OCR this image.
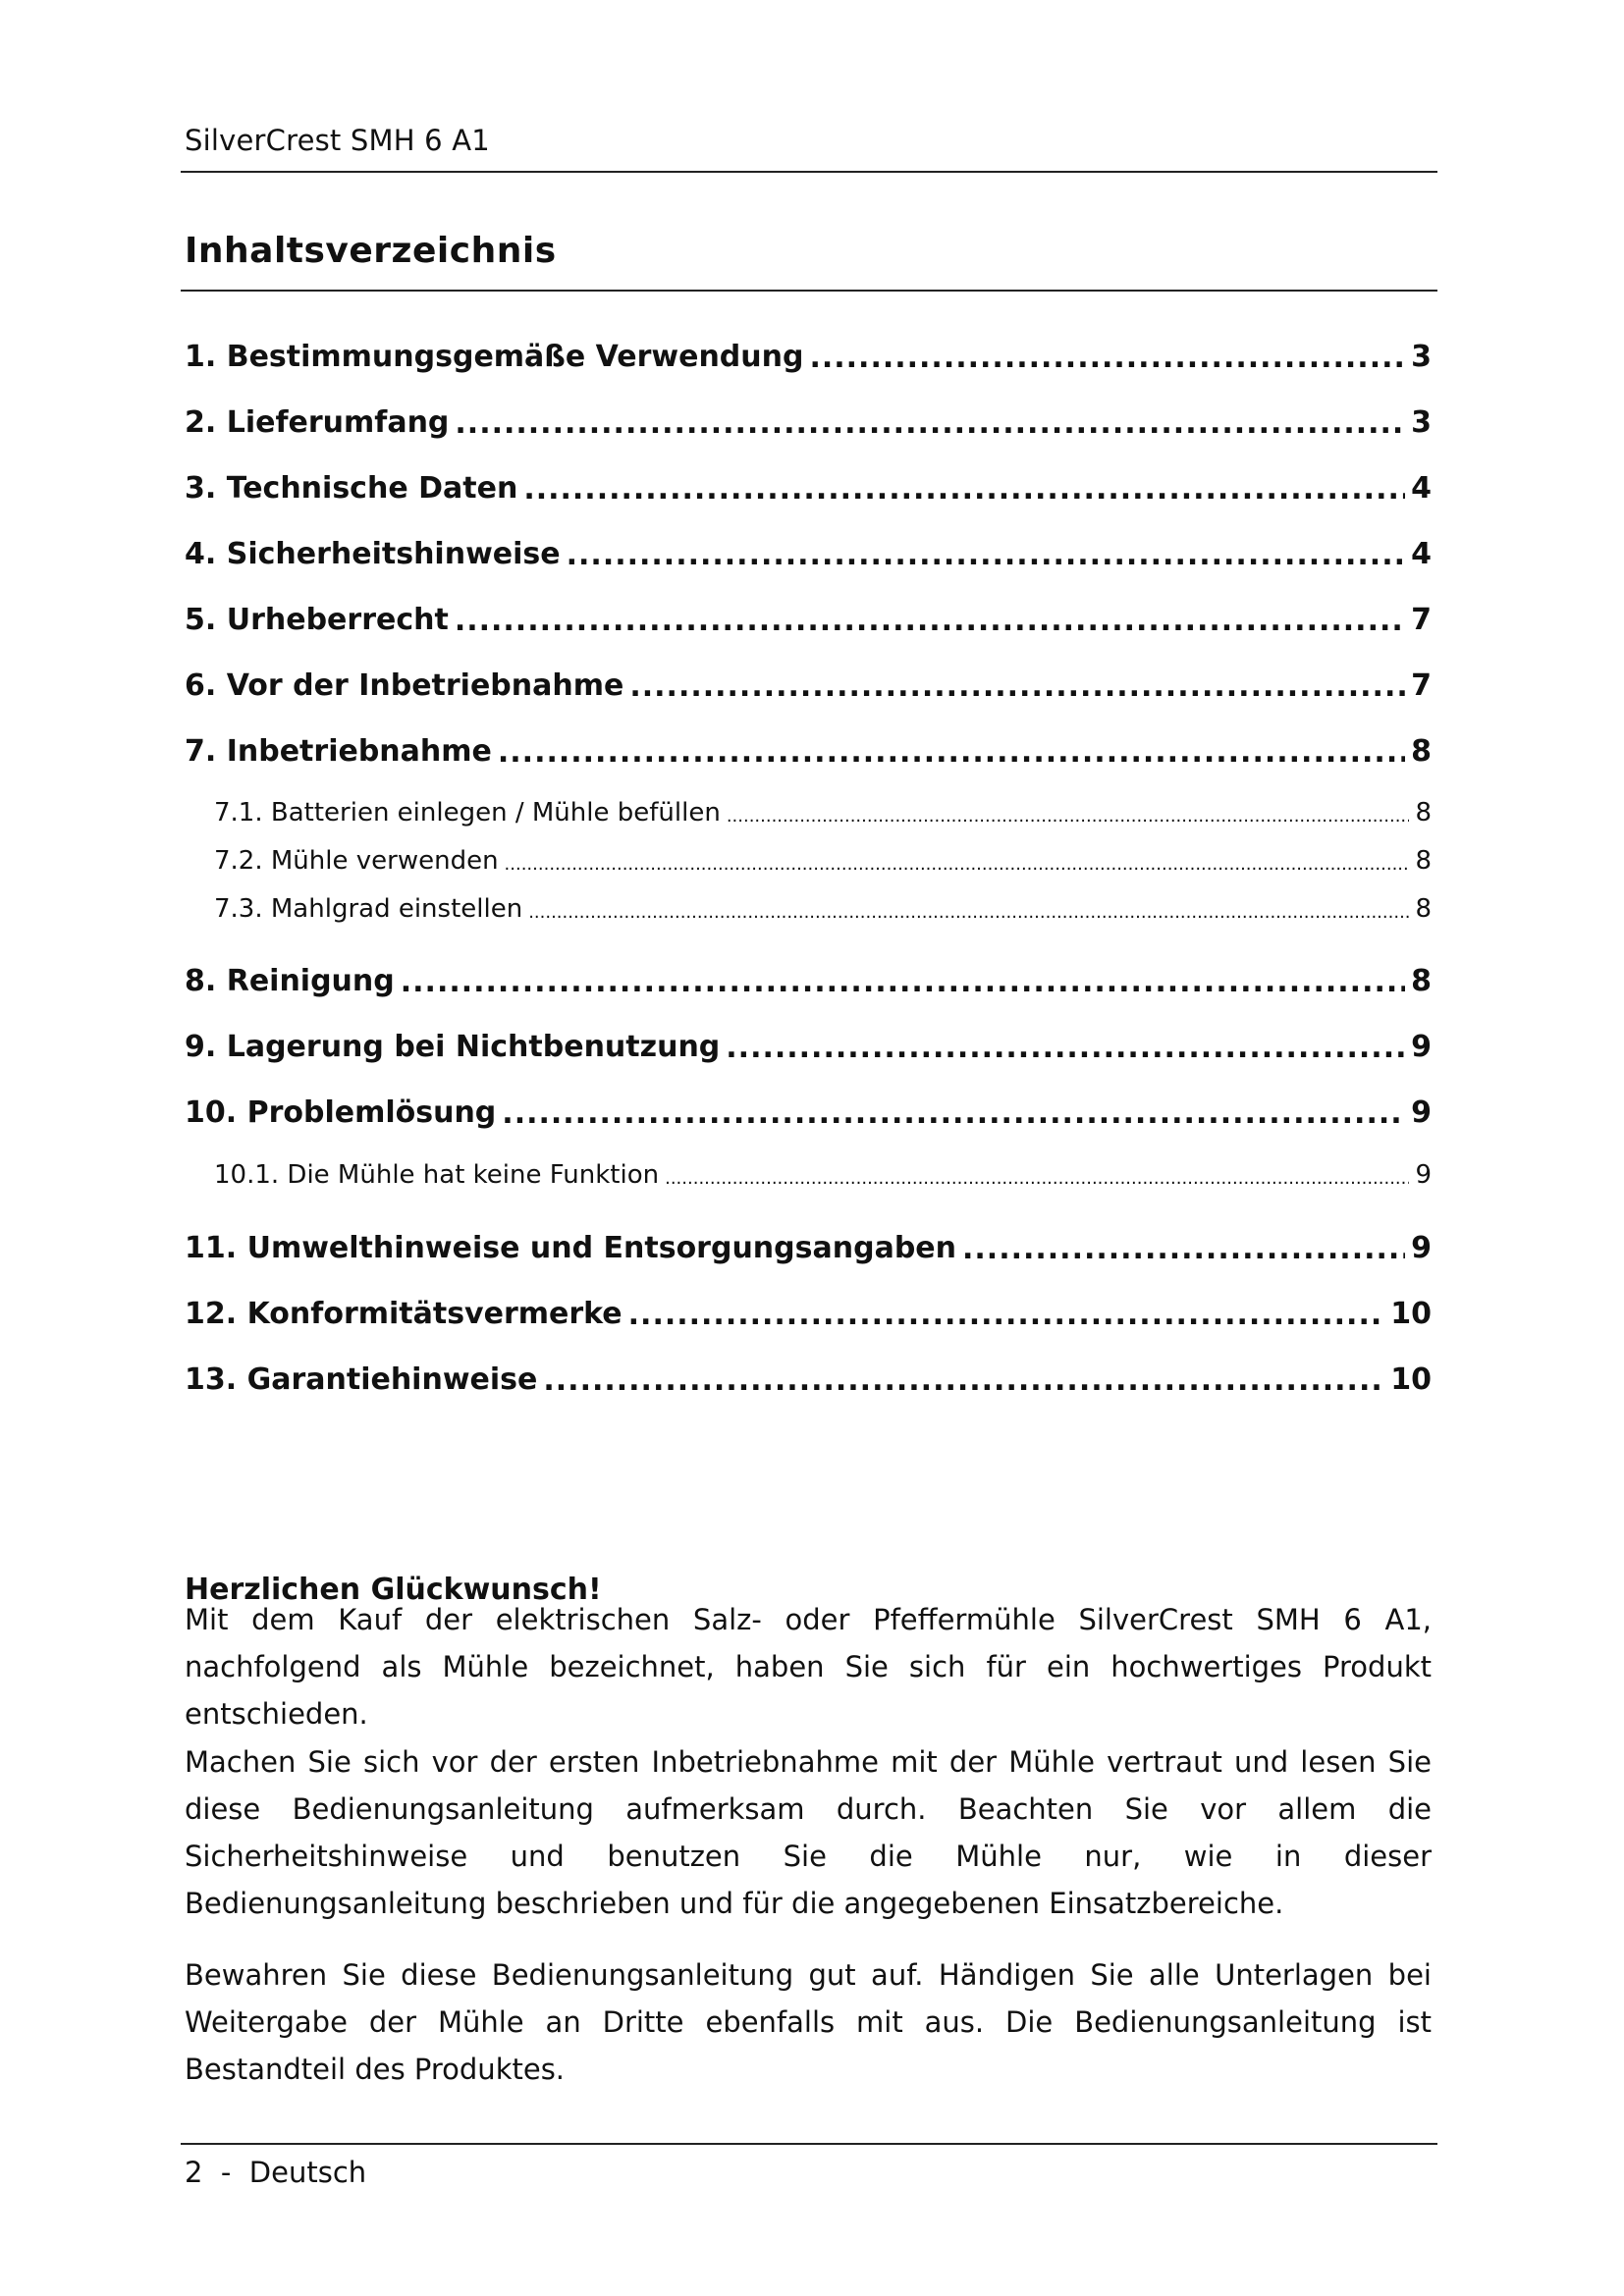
SilverCrest SMH 6 A1
Inhaltsverzeichnis
1. Bestimmungsgemäße Verwendung .....	3
2. Lieferumfang .....	3
3. Technische Daten .....	4
4. Sicherheitshinweise .....	4
5. Urheberrecht .....	7
6. Vor der Inbetriebnahme .....	7
7. Inbetriebnahme .....	8
7.1. Batterien einlegen / Mühle befüllen .....	8
7.2. Mühle verwenden .....	8
7.3. Mahlgrad einstellen .....	8
8. Reinigung .....	8
9. Lagerung bei Nichtbenutzung .....	9
10. Problemlösung .....	9
10.1. Die Mühle hat keine Funktion .....	9
11. Umwelthinweise und Entsorgungsangaben .....	9
12. Konformitätsvermerke .....	10
13. Garantiehinweise .....	10
Herzlichen Glückwunsch!

Mit dem Kauf der elektrischen Salz- oder Pfeffermühle SilverCrest SMH 6 A1, nachfolgend als Mühle bezeichnet, haben Sie sich für ein hochwertiges Produkt entschieden.

Machen Sie sich vor der ersten Inbetriebnahme mit der Mühle vertraut und lesen Sie diese Bedienungsanleitung aufmerksam durch. Beachten Sie vor allem die Sicherheitshinweise und benutzen Sie die Mühle nur, wie in dieser Bedienungsanleitung beschrieben und für die angegebenen Einsatzbereiche.

Bewahren Sie diese Bedienungsanleitung gut auf. Händigen Sie alle Unterlagen bei Weitergabe der Mühle an Dritte ebenfalls mit aus. Die Bedienungsanleitung ist Bestandteil des Produktes.

2  -  Deutsch
